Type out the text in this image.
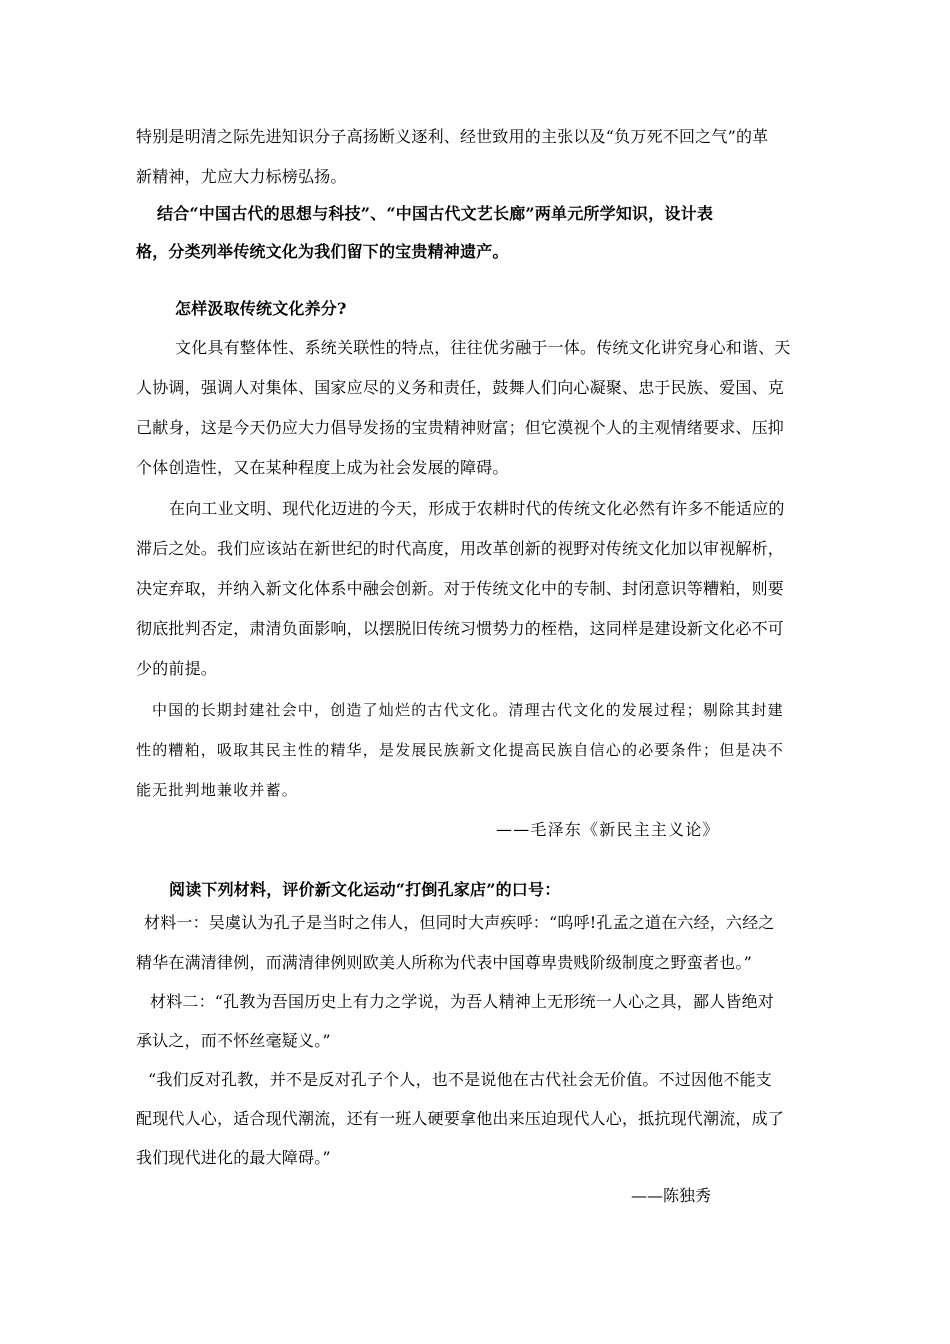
特别是明清之际先进知识分子高扬断义逐利、经世致用的主张以及“负万死不回之气”的革
新精神，尤应大力标榜弘扬。
结合“中国古代的思想与科技”、“中国古代文艺长廊”两单元所学知识，设计表
格，分类列举传统文化为我们留下的宝贵精神遗产。
怎样汲取传统文化养分?
文化具有整体性、系统关联性的特点，往往优劣融于一体。传统文化讲究身心和谐、天
人协调，强调人对集体、国家应尽的义务和责任，鼓舞人们向心凝聚、忠于民族、爱国、克
己献身，这是今天仍应大力倡导发扬的宝贵精神财富；但它漠视个人的主观情绪要求、压抑
个体创造性，又在某种程度上成为社会发展的障碍。
在向工业文明、现代化迈进的今天，形成于农耕时代的传统文化必然有许多不能适应的
滞后之处。我们应该站在新世纪的时代高度，用改革创新的视野对传统文化加以审视解析，
决定弃取，并纳入新文化体系中融会创新。对于传统文化中的专制、封闭意识等糟粕，则要
彻底批判否定，肃清负面影响，以摆脱旧传统习惯势力的桎梏，这同样是建设新文化必不可
少的前提。
中国的长期封建社会中，创造了灿烂的古代文化。清理古代文化的发展过程；剔除其封建
性的糟粕，吸取其民主性的精华，是发展民族新文化提高民族自信心的必要条件；但是决不
能无批判地兼收并蓄。
——毛泽东《新民主主义论》
阅读下列材料，评价新文化运动“打倒孔家店”的口号：
材料一：吴虞认为孔子是当时之伟人，但同时大声疾呼：“呜呼!孔孟之道在六经，六经之
精华在满清律例，而满清律例则欧美人所称为代表中国尊卑贵贱阶级制度之野蛮者也。”
材料二：“孔教为吾国历史上有力之学说，为吾人精神上无形统一人心之具，鄙人皆绝对
承认之，而不怀丝毫疑义。”
“我们反对孔教，并不是反对孔子个人，也不是说他在古代社会无价值。不过因他不能支
配现代人心，适合现代潮流，还有一班人硬要拿他出来压迫现代人心，抵抗现代潮流，成了
我们现代进化的最大障碍。”
——陈独秀
